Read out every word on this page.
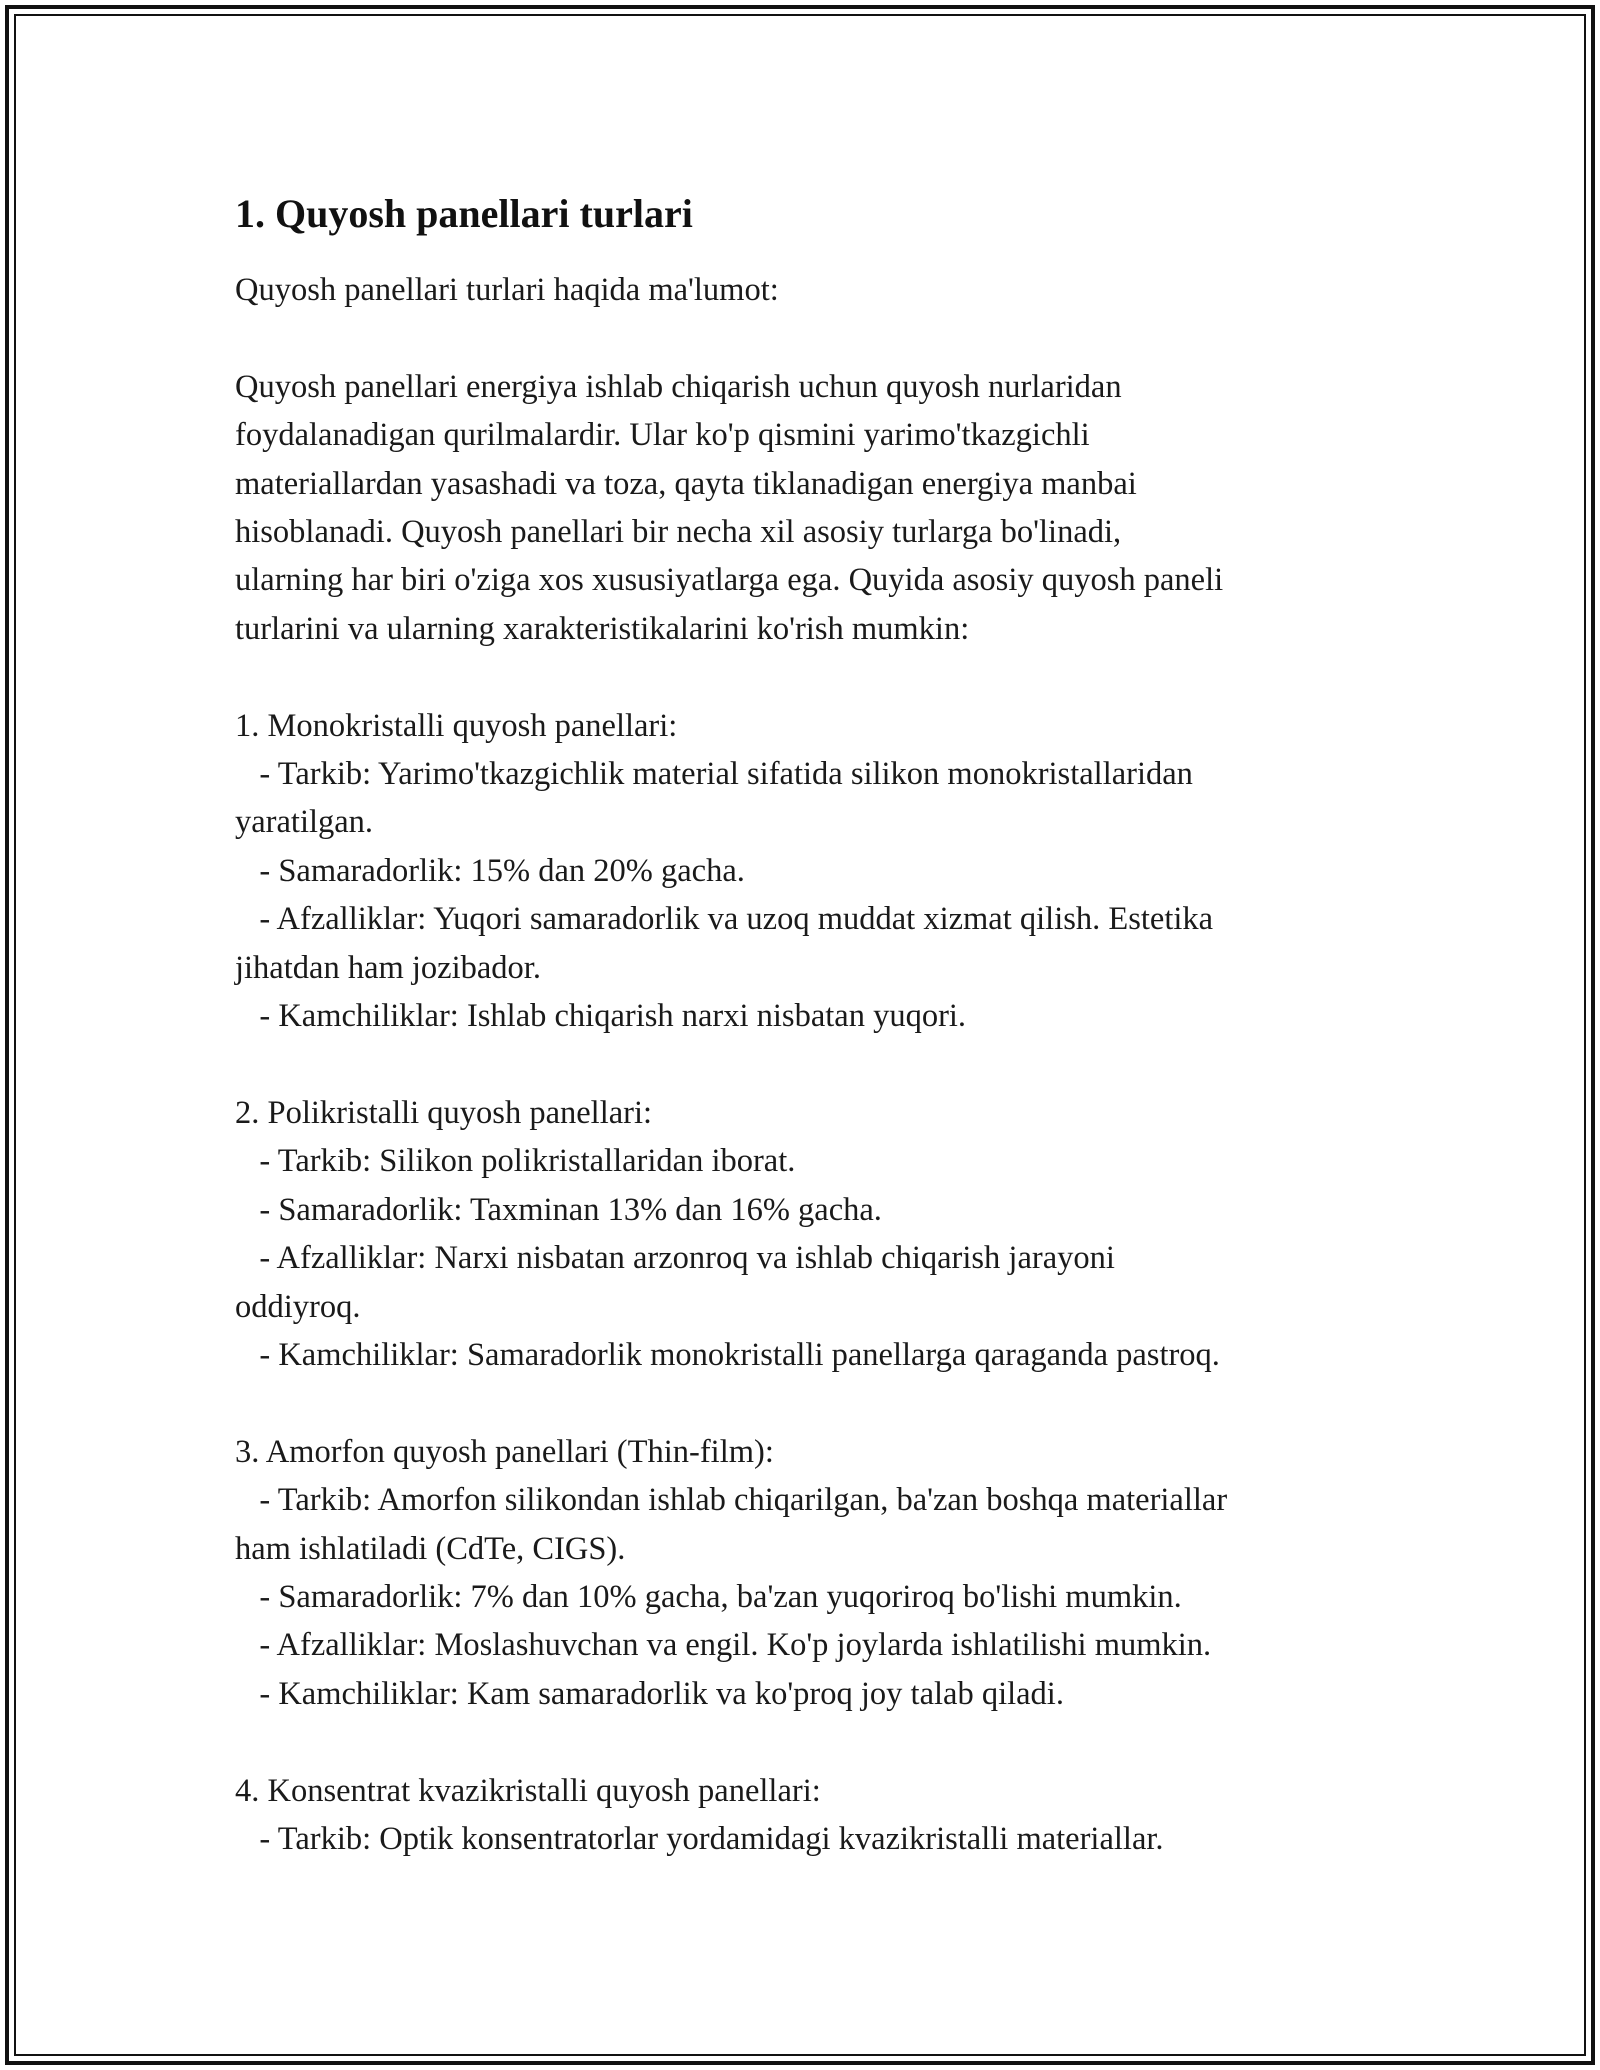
1. Quyosh panellari turlari

Quyosh panellari turlari haqida ma'lumot:

Quyosh panellari energiya ishlab chiqarish uchun quyosh nurlaridan
foydalanadigan qurilmalardir. Ular ko'p qismini yarimo'tkazgichli
materiallardan yasashadi va toza, qayta tiklanadigan energiya manbai
hisoblanadi. Quyosh panellari bir necha xil asosiy turlarga bo'linadi,
ularning har biri o'ziga xos xususiyatlarga ega. Quyida asosiy quyosh paneli
turlarini va ularning xarakteristikalarini ko'rish mumkin:

1. Monokristalli quyosh panellari:
- Tarkib: Yarimo'tkazgichlik material sifatida silikon monokristallaridan
yaratilgan.
- Samaradorlik: 15% dan 20% gacha.
- Afzalliklar: Yuqori samaradorlik va uzoq muddat xizmat qilish. Estetika
jihatdan ham jozibador.
- Kamchiliklar: Ishlab chiqarish narxi nisbatan yuqori.

2. Polikristalli quyosh panellari:
- Tarkib: Silikon polikristallaridan iborat.
- Samaradorlik: Taxminan 13% dan 16% gacha.
- Afzalliklar: Narxi nisbatan arzonroq va ishlab chiqarish jarayoni
oddiyroq.
- Kamchiliklar: Samaradorlik monokristalli panellarga qaraganda pastroq.

3. Amorfon quyosh panellari (Thin-film):
- Tarkib: Amorfon silikondan ishlab chiqarilgan, ba'zan boshqa materiallar
ham ishlatiladi (CdTe, CIGS).
- Samaradorlik: 7% dan 10% gacha, ba'zan yuqoriroq bo'lishi mumkin.
- Afzalliklar: Moslashuvchan va engil. Ko'p joylarda ishlatilishi mumkin.
- Kamchiliklar: Kam samaradorlik va ko'proq joy talab qiladi.

4. Konsentrat kvazikristalli quyosh panellari:
- Tarkib: Optik konsentratorlar yordamidagi kvazikristalli materiallar.
